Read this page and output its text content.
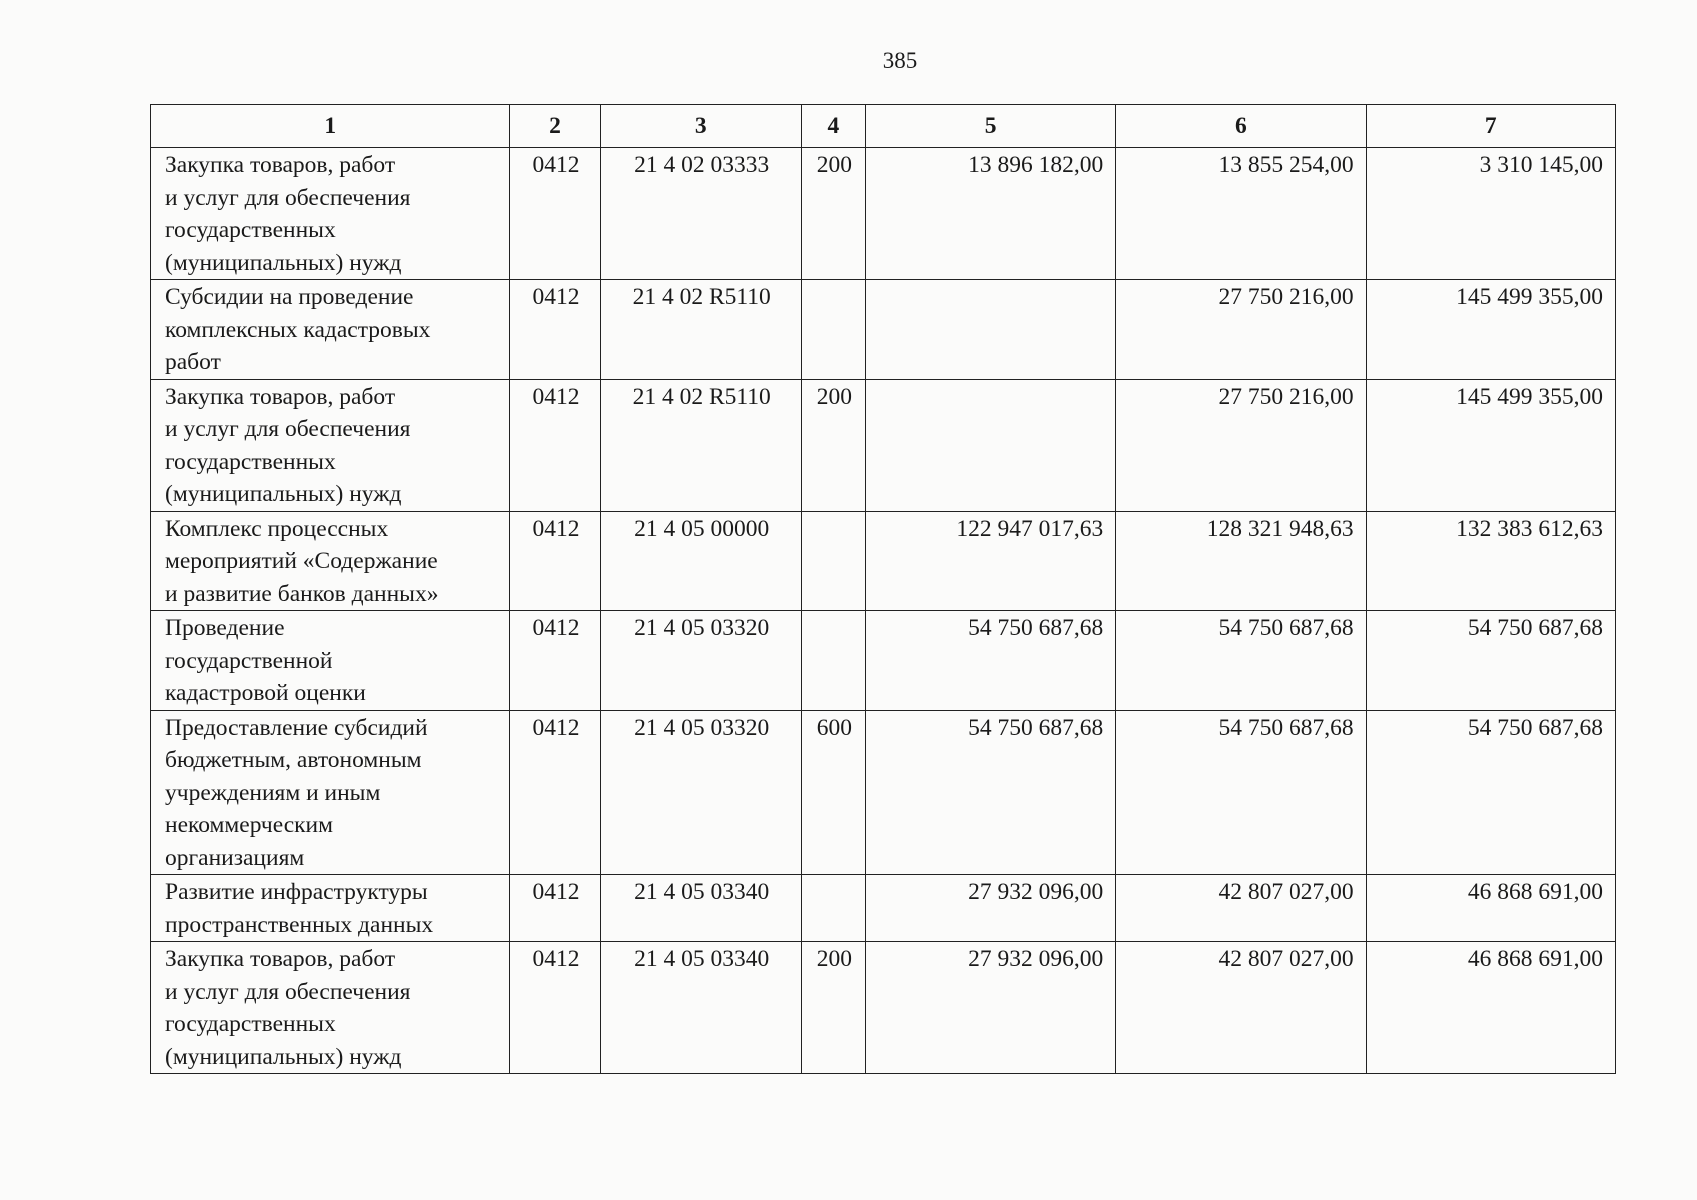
385
1	2	3	4	5	6	7

Закупка товаров, работ
и услуг для обеспечения
государственных
(муниципальных) нужд	0412	21 4 02 03333	200	13 896 182,00	13 855 254,00	3 310 145,00

Субсидии на проведение
комплексных кадастровых
работ	0412	21 4 02 R5110			27 750 216,00	145 499 355,00

Закупка товаров, работ
и услуг для обеспечения
государственных
(муниципальных) нужд	0412	21 4 02 R5110	200		27 750 216,00	145 499 355,00

Комплекс процессных
мероприятий «Содержание
и развитие банков данных»	0412	21 4 05 00000		122 947 017,63	128 321 948,63	132 383 612,63

Проведение
государственной
кадастровой оценки	0412	21 4 05 03320		54 750 687,68	54 750 687,68	54 750 687,68

Предоставление субсидий
бюджетным, автономным
учреждениям и иным
некоммерческим
организациям	0412	21 4 05 03320	600	54 750 687,68	54 750 687,68	54 750 687,68

Развитие инфраструктуры
пространственных данных	0412	21 4 05 03340		27 932 096,00	42 807 027,00	46 868 691,00

Закупка товаров, работ
и услуг для обеспечения
государственных
(муниципальных) нужд	0412	21 4 05 03340	200	27 932 096,00	42 807 027,00	46 868 691,00
